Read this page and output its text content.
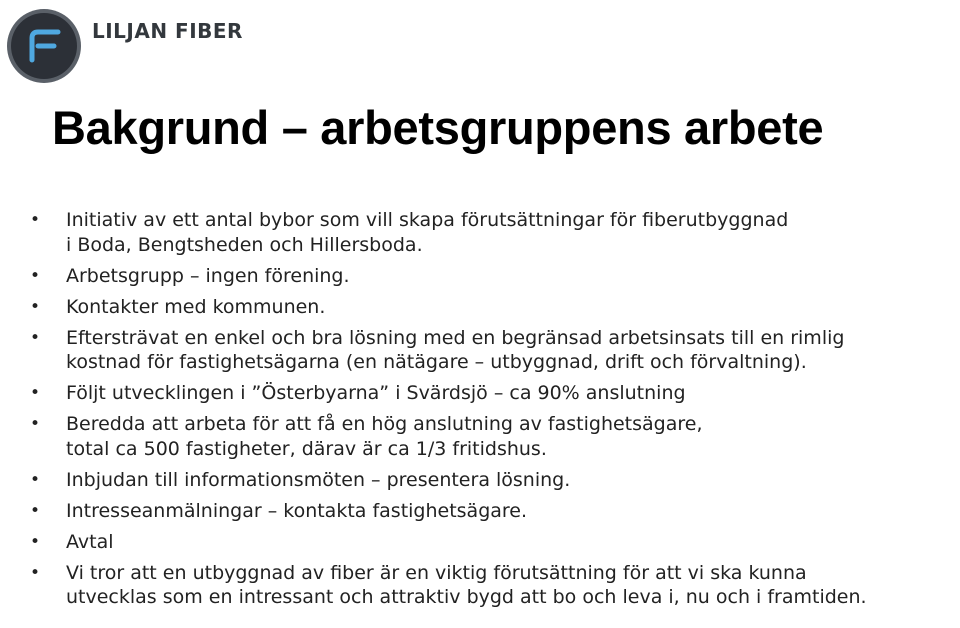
LILJAN FIBER
Bakgrund – arbetsgruppens arbete
• Initiativ av ett antal bybor som vill skapa förutsättningar för fiberutbyggnad
i Boda, Bengtsheden och Hillersboda.
• Arbetsgrupp – ingen förening.
• Kontakter med kommunen.
• Eftersträvat en enkel och bra lösning med en begränsad arbetsinsats till en rimlig
kostnad för fastighetsägarna (en nätägare – utbyggnad, drift och förvaltning).
• Följt utvecklingen i ”Österbyarna” i Svärdsjö – ca 90% anslutning
• Beredda att arbeta för att få en hög anslutning av fastighetsägare,
total ca 500 fastigheter, därav är ca 1/3 fritidshus.
• Inbjudan till informationsmöten – presentera lösning.
• Intresseanmälningar – kontakta fastighetsägare.
• Avtal
• Vi tror att en utbyggnad av fiber är en viktig förutsättning för att vi ska kunna
utvecklas som en intressant och attraktiv bygd att bo och leva i, nu och i framtiden.
